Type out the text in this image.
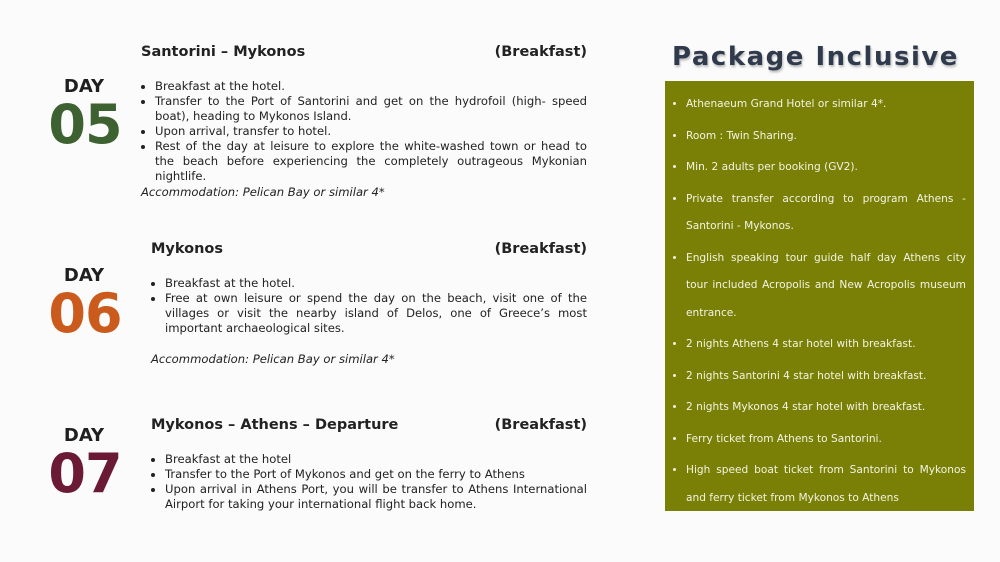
DAY
05
Santorini – Mykonos	(Breakfast)
• Breakfast at the hotel.
• Transfer to the Port of Santorini and get on the hydrofoil (high- speed boat), heading to Mykonos Island.
• Upon arrival, transfer to hotel.
• Rest of the day at leisure to explore the white-washed town or head to the beach before experiencing the completely outrageous Mykonian nightlife.
Accommodation: Pelican Bay or similar 4*
DAY
06
Mykonos	(Breakfast)
• Breakfast at the hotel.
• Free at own leisure or spend the day on the beach, visit one of the villages or visit the nearby island of Delos, one of Greece’s most important archaeological sites.
Accommodation: Pelican Bay or similar 4*
DAY
07
Mykonos – Athens – Departure	(Breakfast)
• Breakfast at the hotel
• Transfer to the Port of Mykonos and get on the ferry to Athens
• Upon arrival in Athens Port, you will be transfer to Athens International Airport for taking your international flight back home.
Package Inclusive
• Athenaeum Grand Hotel or similar 4*.
• Room : Twin Sharing.
• Min. 2 adults per booking (GV2).
• Private transfer according to program Athens - Santorini - Mykonos.
• English speaking tour guide half day Athens city tour included Acropolis and New Acropolis museum entrance.
• 2 nights Athens 4 star hotel with breakfast.
• 2 nights Santorini 4 star hotel with breakfast.
• 2 nights Mykonos 4 star hotel with breakfast.
• Ferry ticket from Athens to Santorini.
• High speed boat ticket from Santorini to Mykonos and ferry ticket from Mykonos to Athens
